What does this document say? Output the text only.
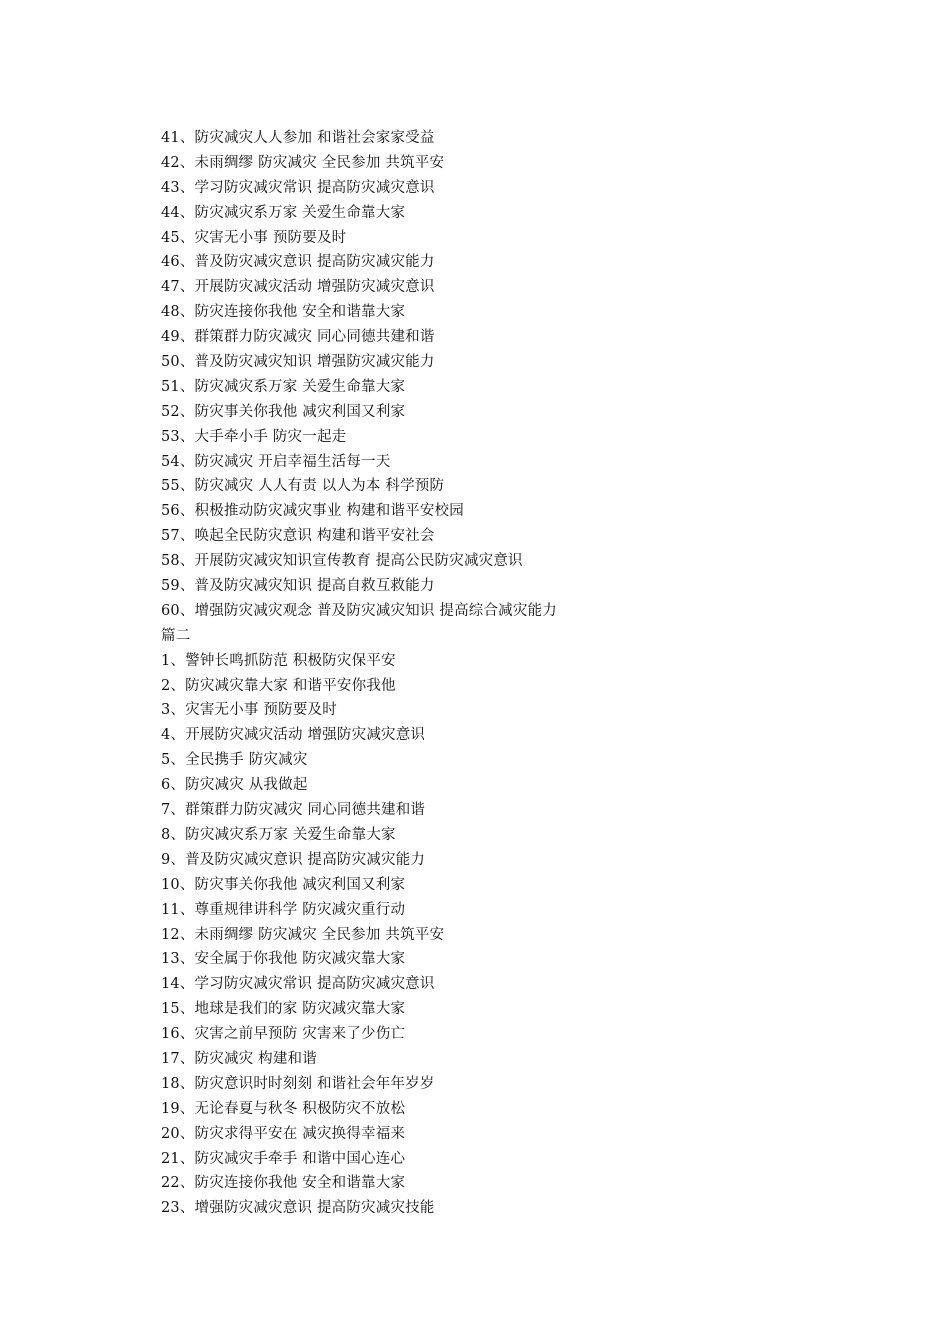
41、防灾减灾人人参加 和谐社会家家受益
42、未雨绸缪 防灾减灾 全民参加 共筑平安
43、学习防灾减灾常识 提高防灾减灾意识
44、防灾减灾系万家 关爱生命靠大家
45、灾害无小事 预防要及时
46、普及防灾减灾意识 提高防灾减灾能力
47、开展防灾减灾活动 增强防灾减灾意识
48、防灾连接你我他 安全和谐靠大家
49、群策群力防灾减灾 同心同德共建和谐
50、普及防灾减灾知识 增强防灾减灾能力
51、防灾减灾系万家 关爱生命靠大家
52、防灾事关你我他 减灾利国又利家
53、大手牵小手 防灾一起走
54、防灾减灾 开启幸福生活每一天
55、防灾减灾 人人有责 以人为本 科学预防
56、积极推动防灾减灾事业 构建和谐平安校园
57、唤起全民防灾意识 构建和谐平安社会
58、开展防灾减灾知识宣传教育 提高公民防灾减灾意识
59、普及防灾减灾知识 提高自救互救能力
60、增强防灾减灾观念 普及防灾减灾知识 提高综合减灾能力
篇二
1、警钟长鸣抓防范 积极防灾保平安
2、防灾减灾靠大家 和谐平安你我他
3、灾害无小事 预防要及时
4、开展防灾减灾活动 增强防灾减灾意识
5、全民携手 防灾减灾
6、防灾减灾 从我做起
7、群策群力防灾减灾 同心同德共建和谐
8、防灾减灾系万家 关爱生命靠大家
9、普及防灾减灾意识 提高防灾减灾能力
10、防灾事关你我他 减灾利国又利家
11、尊重规律讲科学 防灾减灾重行动
12、未雨绸缪 防灾减灾 全民参加 共筑平安
13、安全属于你我他 防灾减灾靠大家
14、学习防灾减灾常识 提高防灾减灾意识
15、地球是我们的家 防灾减灾靠大家
16、灾害之前早预防 灾害来了少伤亡
17、防灾减灾 构建和谐
18、防灾意识时时刻刻 和谐社会年年岁岁
19、无论春夏与秋冬 积极防灾不放松
20、防灾求得平安在 减灾换得幸福来
21、防灾减灾手牵手 和谐中国心连心
22、防灾连接你我他 安全和谐靠大家
23、增强防灾减灾意识 提高防灾减灾技能
